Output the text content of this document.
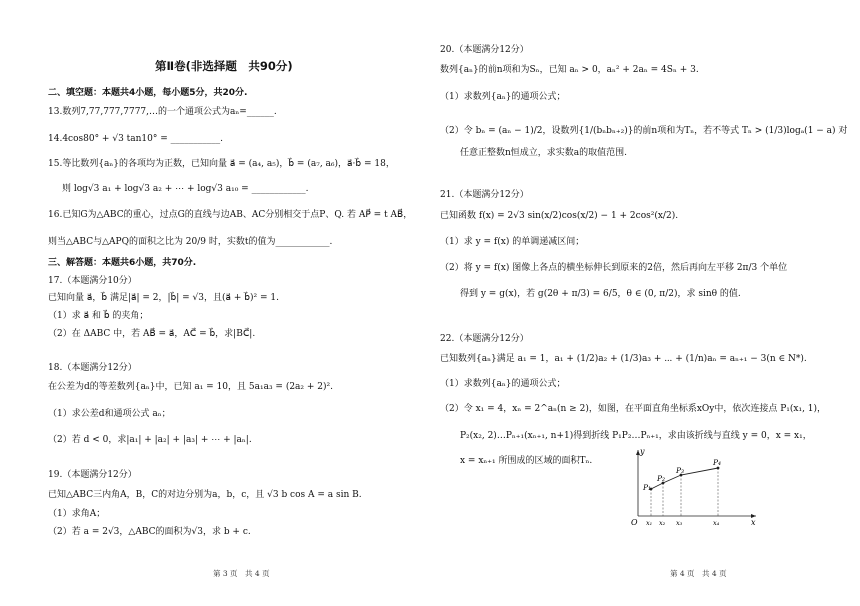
第Ⅱ卷(非选择题　共90分)
二、填空题：本题共4小题，每小题5分，共20分.
13.数列7,77,777,7777,…的一个通项公式为aₙ=______.
14.4cos80° + √3 tan10° = ___________.
15.等比数列{aₙ}的各项均为正数，已知向量 a⃗ = (a₄, a₅)，b⃗ = (a₇, a₆)，a⃗·b⃗ = 18，
则 log√3 a₁ + log√3 a₂ + ⋯ + log√3 a₁₀ = ____________.
16.已知G为△ABC的重心，过点G的直线与边AB、AC分别相交于点P、Q. 若 AP⃗ = t AB⃗，
则当△ABC与△APQ的面积之比为 20/9 时，实数t的值为____________.
三、解答题：本题共6小题，共70分.
17.（本题满分10分）
已知向量 a⃗，b⃗ 满足|a⃗| = 2，|b⃗| = √3，且(a⃗ + b⃗)² = 1.
（1）求 a⃗ 和 b⃗ 的夹角；
（2）在 ΔABC 中，若 AB⃗ = a⃗，AC⃗ = b⃗，求|BC⃗|.
18.（本题满分12分）
在公差为d的等差数列{aₙ}中，已知 a₁ = 10，且 5a₁a₃ = (2a₂ + 2)².
（1）求公差d和通项公式 aₙ；
（2）若 d < 0，求|a₁| + |a₂| + |a₃| + ⋯ + |aₙ|.
19.（本题满分12分）
已知△ABC三内角A，B，C的对边分别为a，b，c，且 √3 b cos A = a sin B.
（1）求角A；
（2）若 a = 2√3，△ABC的面积为√3，求 b + c.
第 3 页　共 4 页
20.（本题满分12分）
数列{aₙ}的前n项和为Sₙ，已知 aₙ > 0，aₙ² + 2aₙ = 4Sₙ + 3.
（1）求数列{aₙ}的通项公式；
（2）令 bₙ = (aₙ − 1)/2，设数列{1/(bₙbₙ₊₂)}的前n项和为Tₙ，若不等式 Tₙ > (1/3)logₐ(1 − a) 对
任意正整数n恒成立，求实数a的取值范围.
21.（本题满分12分）
已知函数 f(x) = 2√3 sin(x/2)cos(x/2) − 1 + 2cos²(x/2).
（1）求 y = f(x) 的单调递减区间；
（2）将 y = f(x) 图像上各点的横坐标伸长到原来的2倍，然后再向左平移 2π/3 个单位
得到 y = g(x)，若 g(2θ + π/3) = 6/5，θ ∈ (0, π/2)，求 sinθ 的值.
22.（本题满分12分）
已知数列{aₙ}满足 a₁ = 1，a₁ + (1/2)a₂ + (1/3)a₃ + ⋯ + (1/n)aₙ = aₙ₊₁ − 3(n ∈ N*).
（1）求数列{aₙ}的通项公式；
（2）令 x₁ = 4，xₙ = 2^aₙ(n ≥ 2)，如图，在平面直角坐标系xOy中，依次连接点 P₁(x₁, 1)，
P₂(x₂, 2)…Pₙ₊₁(xₙ₊₁, n+1)得到折线 P₁P₂…Pₙ₊₁，求由该折线与直线 y = 0，x = x₁，
x = xₙ₊₁ 所围成的区域的面积Tₙ.
y
x
O
P₁
P₂
P₃
P₄
x₁ x₂ x₃	x₄
第 4 页　共 4 页
